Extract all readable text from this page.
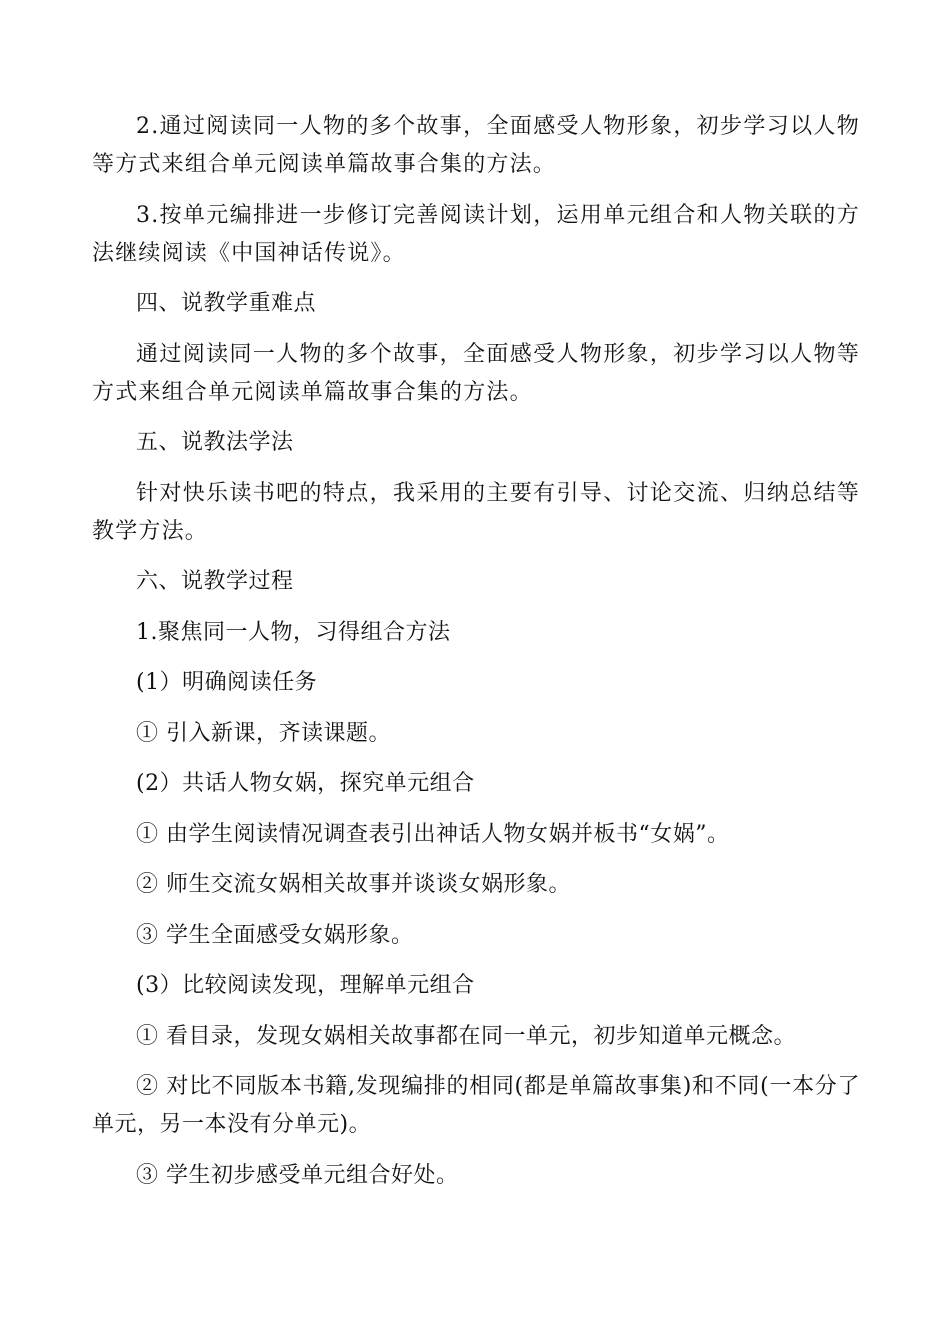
2.通过阅读同一人物的多个故事，全面感受人物形象，初步学习以人物等方式来组合单元阅读单篇故事合集的方法。

3.按单元编排进一步修订完善阅读计划，运用单元组合和人物关联的方法继续阅读《中国神话传说》。

四、说教学重难点

通过阅读同一人物的多个故事，全面感受人物形象，初步学习以人物等方式来组合单元阅读单篇故事合集的方法。

五、说教法学法

针对快乐读书吧的特点，我采用的主要有引导、讨论交流、归纳总结等教学方法。

六、说教学过程

1.聚焦同一人物，习得组合方法

(1）明确阅读任务

① 引入新课，齐读课题。

(2）共话人物女娲，探究单元组合

① 由学生阅读情况调查表引出神话人物女娲并板书“女娲”。

② 师生交流女娲相关故事并谈谈女娲形象。

③ 学生全面感受女娲形象。

(3）比较阅读发现，理解单元组合

① 看目录，发现女娲相关故事都在同一单元，初步知道单元概念。

② 对比不同版本书籍,发现编排的相同(都是单篇故事集)和不同(一本分了单元，另一本没有分单元)。

③ 学生初步感受单元组合好处。
